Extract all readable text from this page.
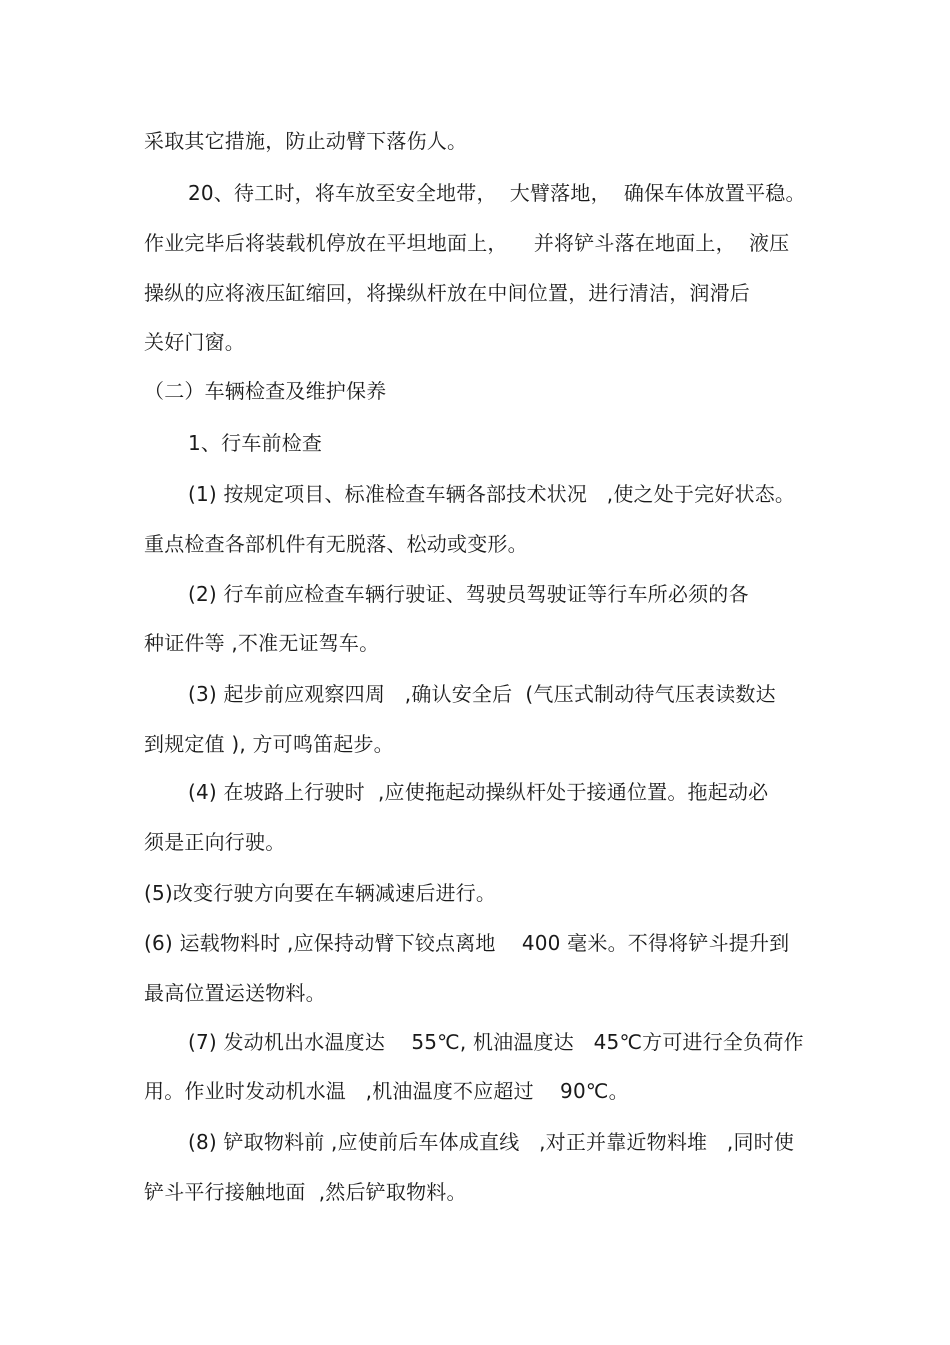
采取其它措施，防止动臂下落伤人。
20、待工时，将车放至安全地带，  大臂落地，  确保车体放置平稳。
作业完毕后将装载机停放在平坦地面上，    并将铲斗落在地面上，  液压
操纵的应将液压缸缩回，将操纵杆放在中间位置，进行清洁，润滑后
关好门窗。
（二）车辆检查及维护保养
1、行车前检查
(1) 按规定项目、标准检查车辆各部技术状况   ,使之处于完好状态。
重点检查各部机件有无脱落、松动或变形。
(2) 行车前应检查车辆行驶证、驾驶员驾驶证等行车所必须的各
种证件等 ,不准无证驾车。
(3) 起步前应观察四周   ,确认安全后  (气压式制动待气压表读数达
到规定值 ), 方可鸣笛起步。
(4) 在坡路上行驶时  ,应使拖起动操纵杆处于接通位置。拖起动必
须是正向行驶。
(5)改变行驶方向要在车辆减速后进行。
(6) 运载物料时 ,应保持动臂下铰点离地    400 毫米。不得将铲斗提升到
最高位置运送物料。
(7) 发动机出水温度达    55℃, 机油温度达   45℃方可进行全负荷作
用。作业时发动机水温   ,机油温度不应超过    90℃。
(8) 铲取物料前 ,应使前后车体成直线   ,对正并靠近物料堆   ,同时使
铲斗平行接触地面  ,然后铲取物料。
